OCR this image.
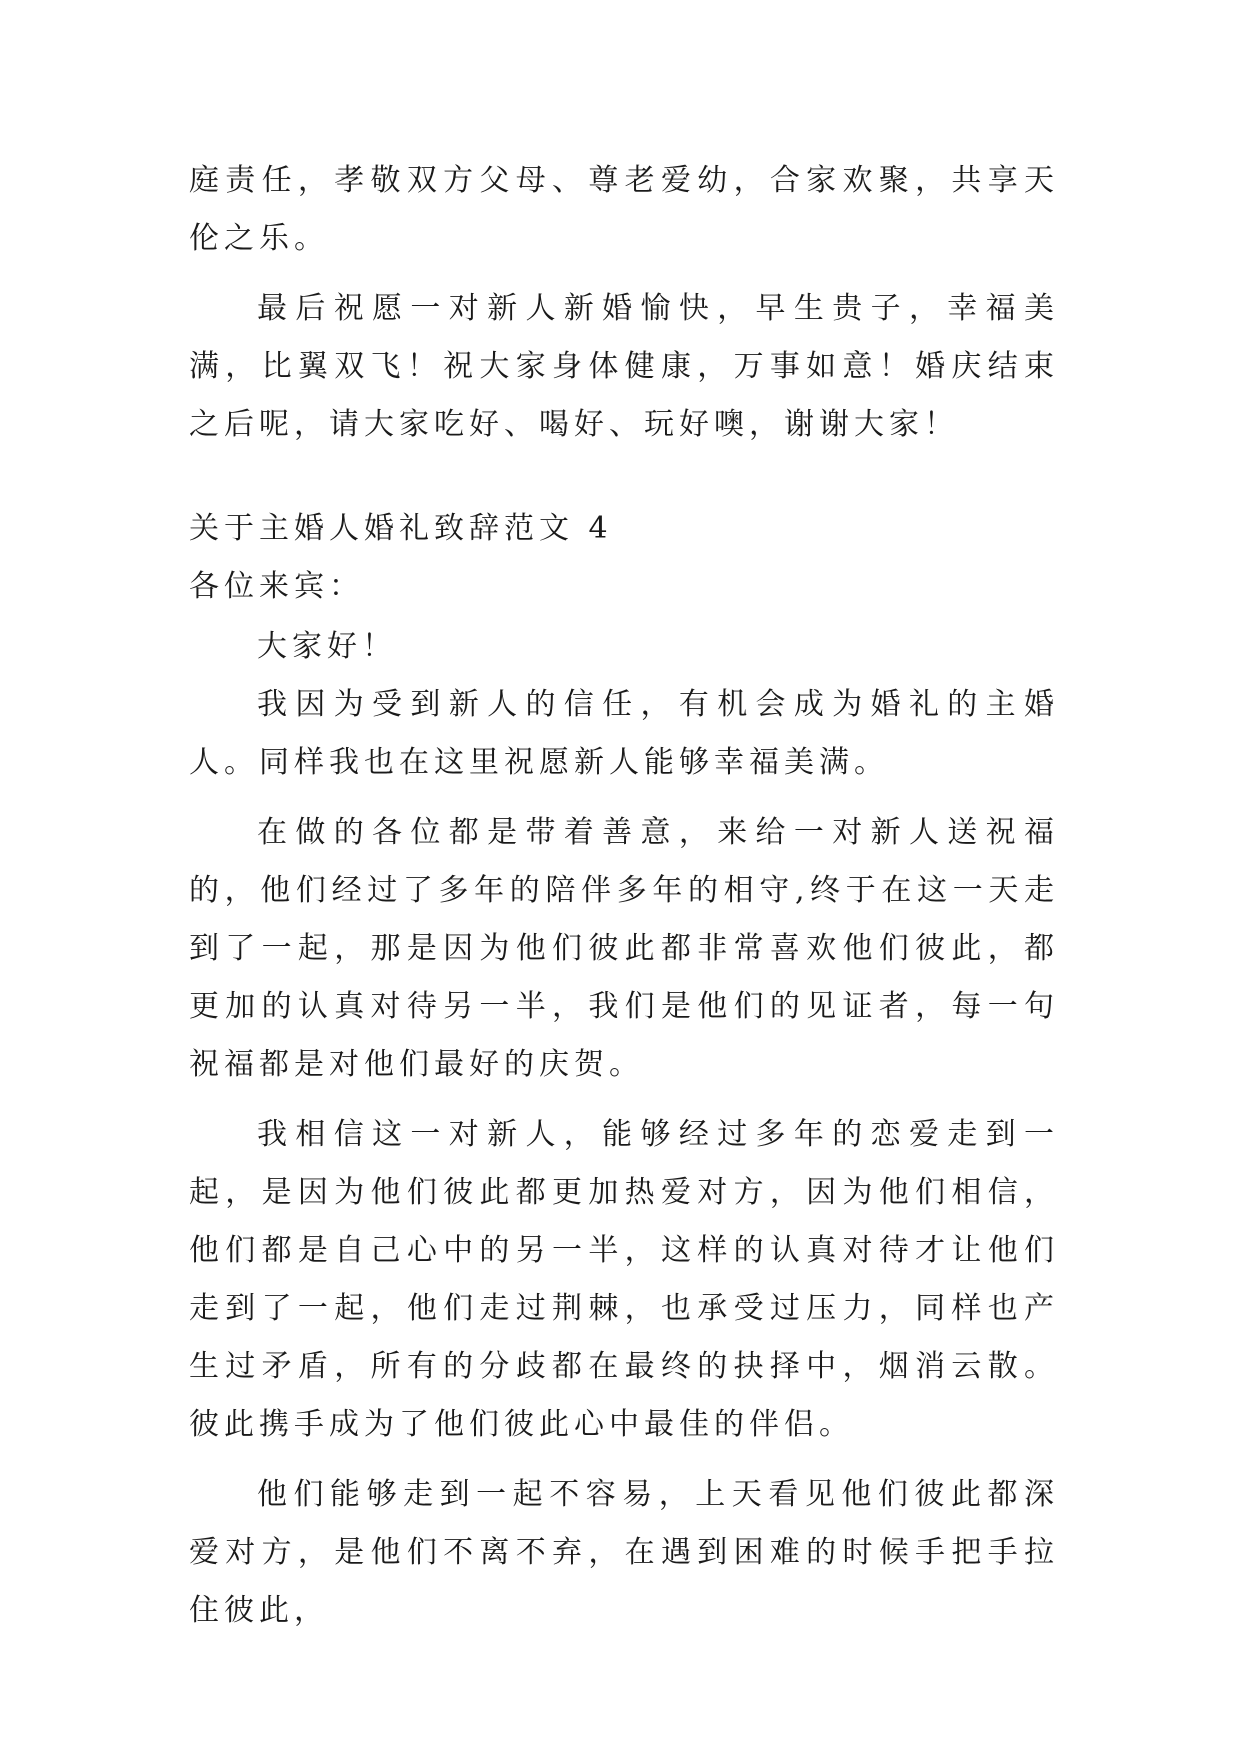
庭责任，孝敬双方父母、尊老爱幼，合家欢聚，共享天伦之乐。

最后祝愿一对新人新婚愉快，早生贵子，幸福美满，比翼双飞！祝大家身体健康，万事如意！婚庆结束之后呢，请大家吃好、喝好、玩好噢，谢谢大家！

关于主婚人婚礼致辞范文 4

各位来宾：

大家好！

我因为受到新人的信任，有机会成为婚礼的主婚人。同样我也在这里祝愿新人能够幸福美满。

在做的各位都是带着善意，来给一对新人送祝福的，他们经过了多年的陪伴多年的相守,终于在这一天走到了一起，那是因为他们彼此都非常喜欢他们彼此，都更加的认真对待另一半，我们是他们的见证者，每一句祝福都是对他们最好的庆贺。

我相信这一对新人，能够经过多年的恋爱走到一起，是因为他们彼此都更加热爱对方，因为他们相信，他们都是自己心中的另一半，这样的认真对待才让他们走到了一起，他们走过荆棘，也承受过压力，同样也产生过矛盾，所有的分歧都在最终的抉择中，烟消云散。彼此携手成为了他们彼此心中最佳的伴侣。

他们能够走到一起不容易，上天看见他们彼此都深爱对方，是他们不离不弃，在遇到困难的时候手把手拉住彼此，
